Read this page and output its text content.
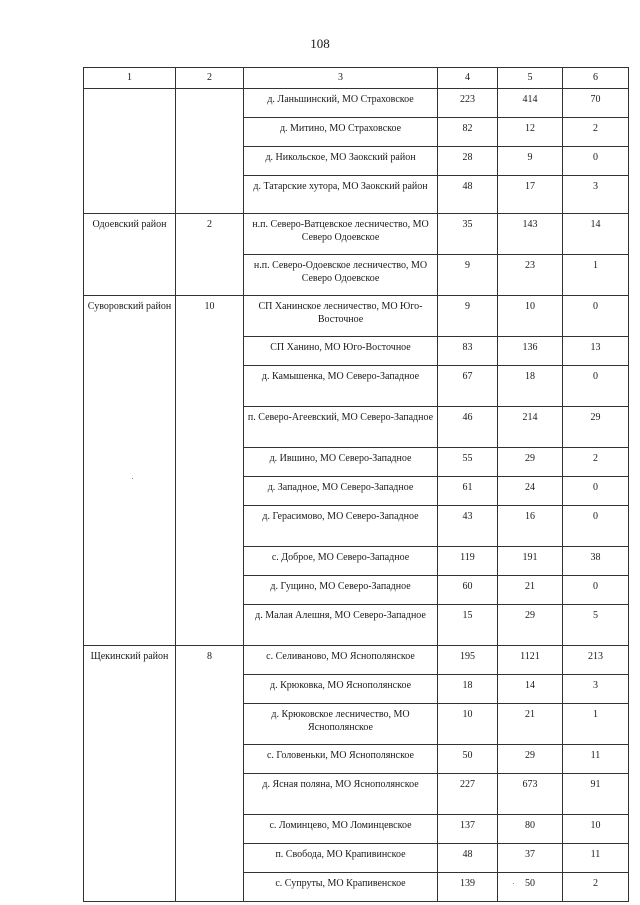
108
1	2	3	4	5	6
		д. Ланьшинский, МО Страховское	223	414	70
		д. Митино, МО Страховское	82	12	2
		д. Никольское, МО Заокский район	28	9	0
		д. Татарские хутора, МО Заокский район	48	17	3
Одоевский район	2	н.п. Северо-Ватцевское лесничество, МО Северо Одоевское	35	143	14
		н.п. Северо-Одоевское лесничество, МО Северо Одоевское	9	23	1
Суворовский район	10	СП Ханинское лесничество, МО Юго-Восточное	9	10	0
		СП Ханино, МО Юго-Восточное	83	136	13
		д. Камышенка, МО Северо-Западное	67	18	0
		п. Северо-Агеевский, МО Северо-Западное	46	214	29
		д. Ившино, МО Северо-Западное	55	29	2
		д. Западное, МО Северо-Западное	61	24	0
		д. Герасимово, МО Северо-Западное	43	16	0
		с. Доброе, МО Северо-Западное	119	191	38
		д. Гущино, МО Северо-Западное	60	21	0
		д. Малая Алешня, МО Северо-Западное	15	29	5
Щекинский район	8	с. Селиваново, МО Яснополянское	195	1121	213
		д. Крюковка, МО Яснополянское	18	14	3
		д. Крюковское лесничество, МО Яснополянское	10	21	1
		с. Головеньки, МО Яснополянское	50	29	11
		д. Ясная поляна, МО Яснополянское	227	673	91
		с. Ломинцево, МО Ломинцевское	137	80	10
		п. Свобода, МО Крапивинское	48	37	11
		с. Супруты, МО Крапивенское	139	50	2
